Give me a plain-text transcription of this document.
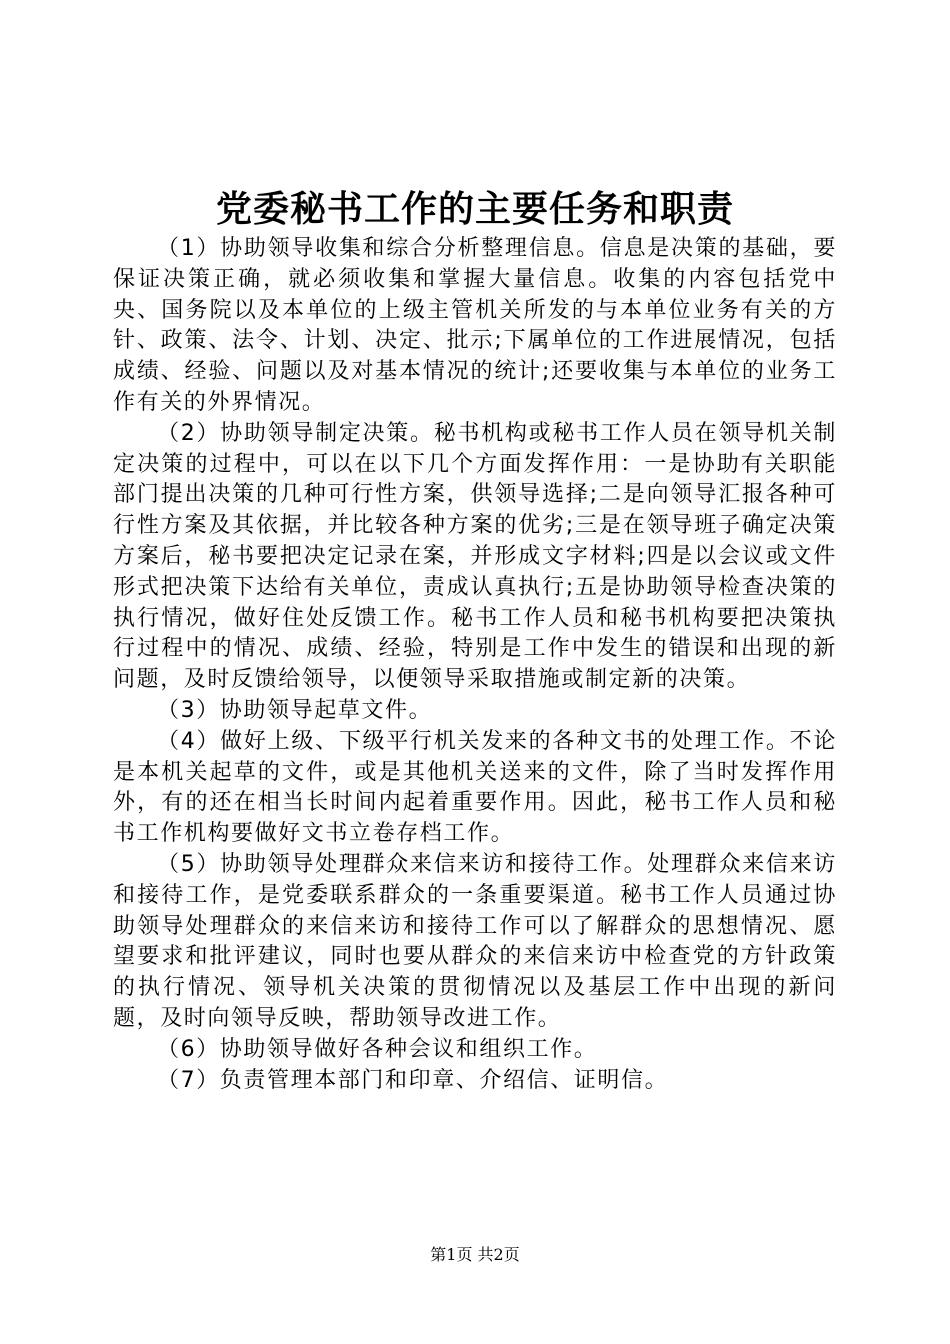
党委秘书工作的主要任务和职责

（1）协助领导收集和综合分析整理信息。信息是决策的基础，要保证决策正确，就必须收集和掌握大量信息。收集的内容包括党中央、国务院以及本单位的上级主管机关所发的与本单位业务有关的方针、政策、法令、计划、决定、批示;下属单位的工作进展情况，包括成绩、经验、问题以及对基本情况的统计;还要收集与本单位的业务工作有关的外界情况。

（2）协助领导制定决策。秘书机构或秘书工作人员在领导机关制定决策的过程中，可以在以下几个方面发挥作用：一是协助有关职能部门提出决策的几种可行性方案，供领导选择;二是向领导汇报各种可行性方案及其依据，并比较各种方案的优劣;三是在领导班子确定决策方案后，秘书要把决定记录在案，并形成文字材料;四是以会议或文件形式把决策下达给有关单位，责成认真执行;五是协助领导检查决策的执行情况，做好住处反馈工作。秘书工作人员和秘书机构要把决策执行过程中的情况、成绩、经验，特别是工作中发生的错误和出现的新问题，及时反馈给领导，以便领导采取措施或制定新的决策。

（3）协助领导起草文件。

（4）做好上级、下级平行机关发来的各种文书的处理工作。不论是本机关起草的文件，或是其他机关送来的文件，除了当时发挥作用外，有的还在相当长时间内起着重要作用。因此，秘书工作人员和秘书工作机构要做好文书立卷存档工作。

（5）协助领导处理群众来信来访和接待工作。处理群众来信来访和接待工作，是党委联系群众的一条重要渠道。秘书工作人员通过协助领导处理群众的来信来访和接待工作可以了解群众的思想情况、愿望要求和批评建议，同时也要从群众的来信来访中检查党的方针政策的执行情况、领导机关决策的贯彻情况以及基层工作中出现的新问题，及时向领导反映，帮助领导改进工作。

（6）协助领导做好各种会议和组织工作。

（7）负责管理本部门和印章、介绍信、证明信。

第1页 共2页
